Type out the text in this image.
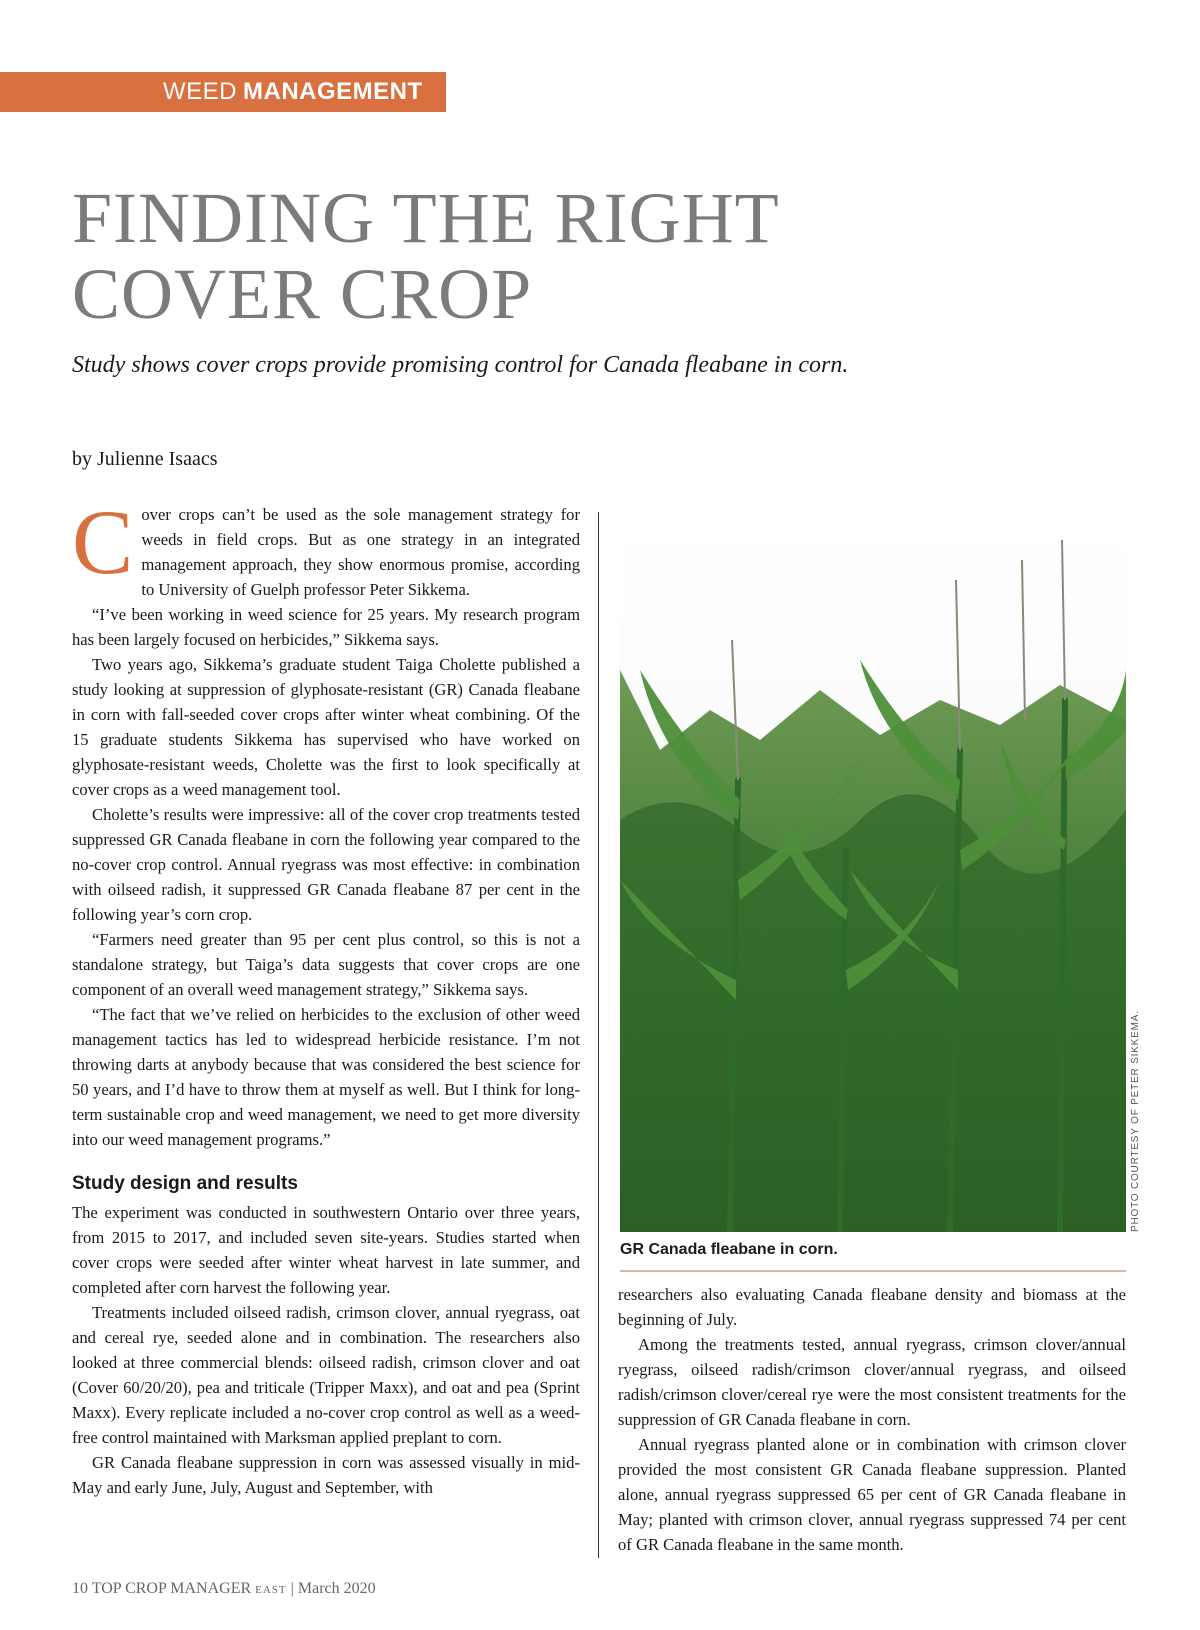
WEED MANAGEMENT
FINDING THE RIGHT
COVER CROP

Study shows cover crops provide promising control for Canada fleabane in corn.

by Julienne Isaacs

Cover crops can’t be used as the sole management strategy for weeds in field crops. But as one strategy in an integrated management approach, they show enormous promise, according to University of Guelph professor Peter Sikkema.

“I’ve been working in weed science for 25 years. My research program has been largely focused on herbicides,” Sikkema says.

Two years ago, Sikkema’s graduate student Taiga Cholette published a study looking at suppression of glyphosate-resistant (GR) Canada fleabane in corn with fall-seeded cover crops after winter wheat combining. Of the 15 graduate students Sikkema has supervised who have worked on glyphosate-resistant weeds, Cholette was the first to look specifically at cover crops as a weed management tool.

Cholette’s results were impressive: all of the cover crop treatments tested suppressed GR Canada fleabane in corn the following year compared to the no-cover crop control. Annual ryegrass was most effective: in combination with oilseed radish, it suppressed GR Canada fleabane 87 per cent in the following year’s corn crop.

“Farmers need greater than 95 per cent plus control, so this is not a standalone strategy, but Taiga’s data suggests that cover crops are one component of an overall weed management strategy,” Sikkema says.

“The fact that we’ve relied on herbicides to the exclusion of other weed management tactics has led to widespread herbicide resistance. I’m not throwing darts at anybody because that was considered the best science for 50 years, and I’d have to throw them at myself as well. But I think for long-term sustainable crop and weed management, we need to get more diversity into our weed management programs.”

Study design and results

The experiment was conducted in southwestern Ontario over three years, from 2015 to 2017, and included seven site-years. Studies started when cover crops were seeded after winter wheat harvest in late summer, and completed after corn harvest the following year.

Treatments included oilseed radish, crimson clover, annual ryegrass, oat and cereal rye, seeded alone and in combination. The researchers also looked at three commercial blends: oilseed radish, crimson clover and oat (Cover 60/20/20), pea and triticale (Tripper Maxx), and oat and pea (Sprint Maxx). Every replicate included a no-cover crop control as well as a weed-free control maintained with Marksman applied preplant to corn.

GR Canada fleabane suppression in corn was assessed visually in mid-May and early June, July, August and September, with

PHOTO COURTESY OF PETER SIKKEMA.
GR Canada fleabane in corn.

researchers also evaluating Canada fleabane density and biomass at the beginning of July.

Among the treatments tested, annual ryegrass, crimson clover/annual ryegrass, oilseed radish/crimson clover/annual ryegrass, and oilseed radish/crimson clover/cereal rye were the most consistent treatments for the suppression of GR Canada fleabane in corn.

Annual ryegrass planted alone or in combination with crimson clover provided the most consistent GR Canada fleabane suppression. Planted alone, annual ryegrass suppressed 65 per cent of GR Canada fleabane in May; planted with crimson clover, annual ryegrass suppressed 74 per cent of GR Canada fleabane in the same month.

10 TOP CROP MANAGER EAST | March 2020
